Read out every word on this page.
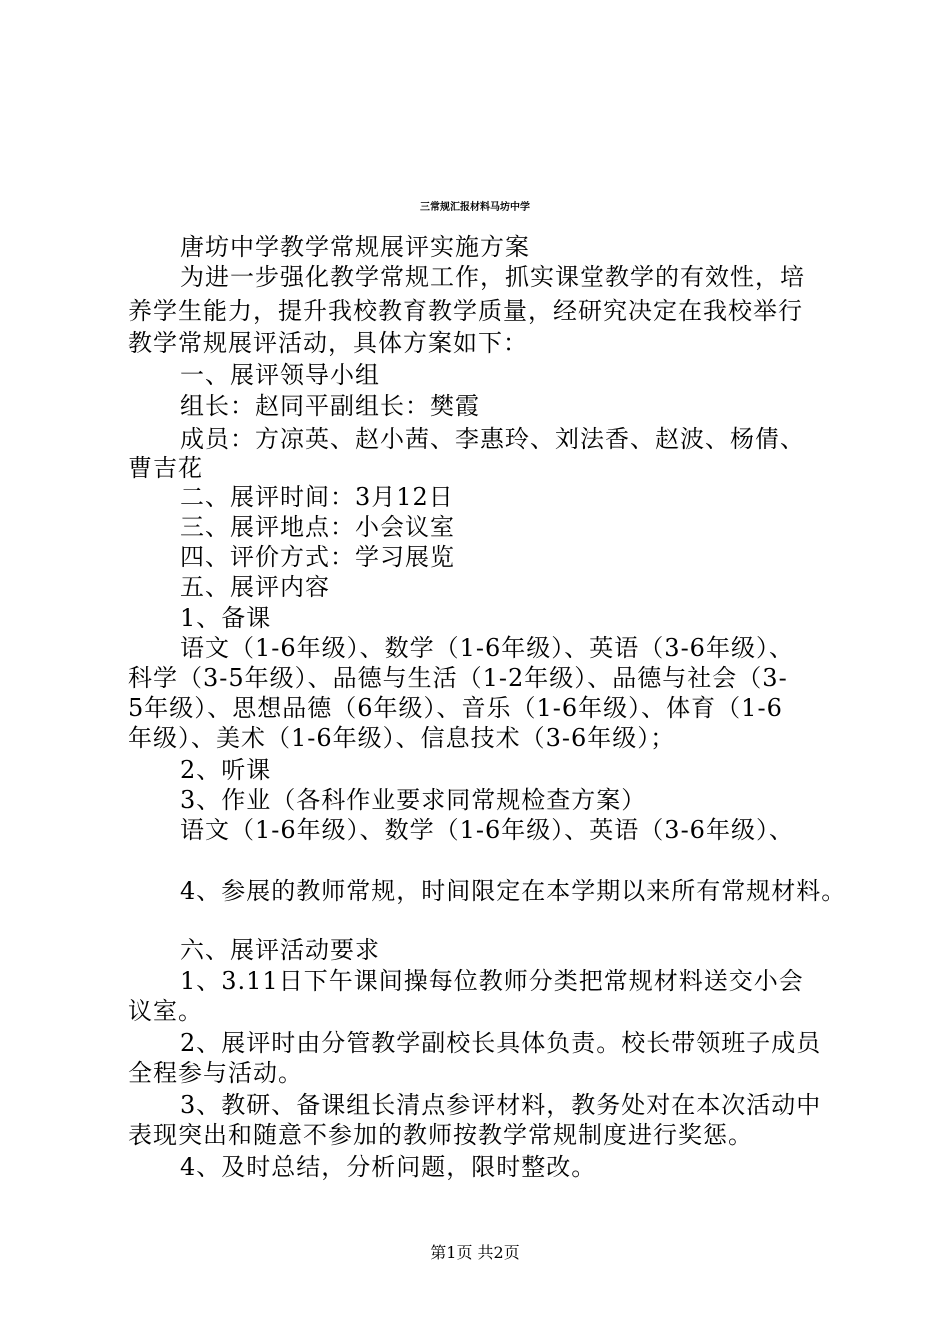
三常规汇报材料马坊中学
唐坊中学教学常规展评实施方案
为进一步强化教学常规工作，抓实课堂教学的有效性，培
养学生能力，提升我校教育教学质量，经研究决定在我校举行
教学常规展评活动，具体方案如下：
一、展评领导小组
组长：赵同平副组长：樊霞
成员：方凉英、赵小茜、李惠玲、刘法香、赵波、杨倩、
曹吉花
二、展评时间：3月12日
三、展评地点：小会议室
四、评价方式：学习展览
五、展评内容
1、备课
语文（1-6年级）、数学（1-6年级）、英语（3-6年级）、
科学（3-5年级）、品德与生活（1-2年级）、品德与社会（3-
5年级）、思想品德（6年级）、音乐（1-6年级）、体育（1-6
年级）、美术（1-6年级）、信息技术（3-6年级）；
2、听课
3、作业（各科作业要求同常规检查方案）
语文（1-6年级）、数学（1-6年级）、英语（3-6年级）、
4、参展的教师常规，时间限定在本学期以来所有常规材料。
六、展评活动要求
1、3.11日下午课间操每位教师分类把常规材料送交小会
议室。
2、展评时由分管教学副校长具体负责。校长带领班子成员
全程参与活动。
3、教研、备课组长清点参评材料，教务处对在本次活动中
表现突出和随意不参加的教师按教学常规制度进行奖惩。
4、及时总结，分析问题，限时整改。
第1页 共2页
